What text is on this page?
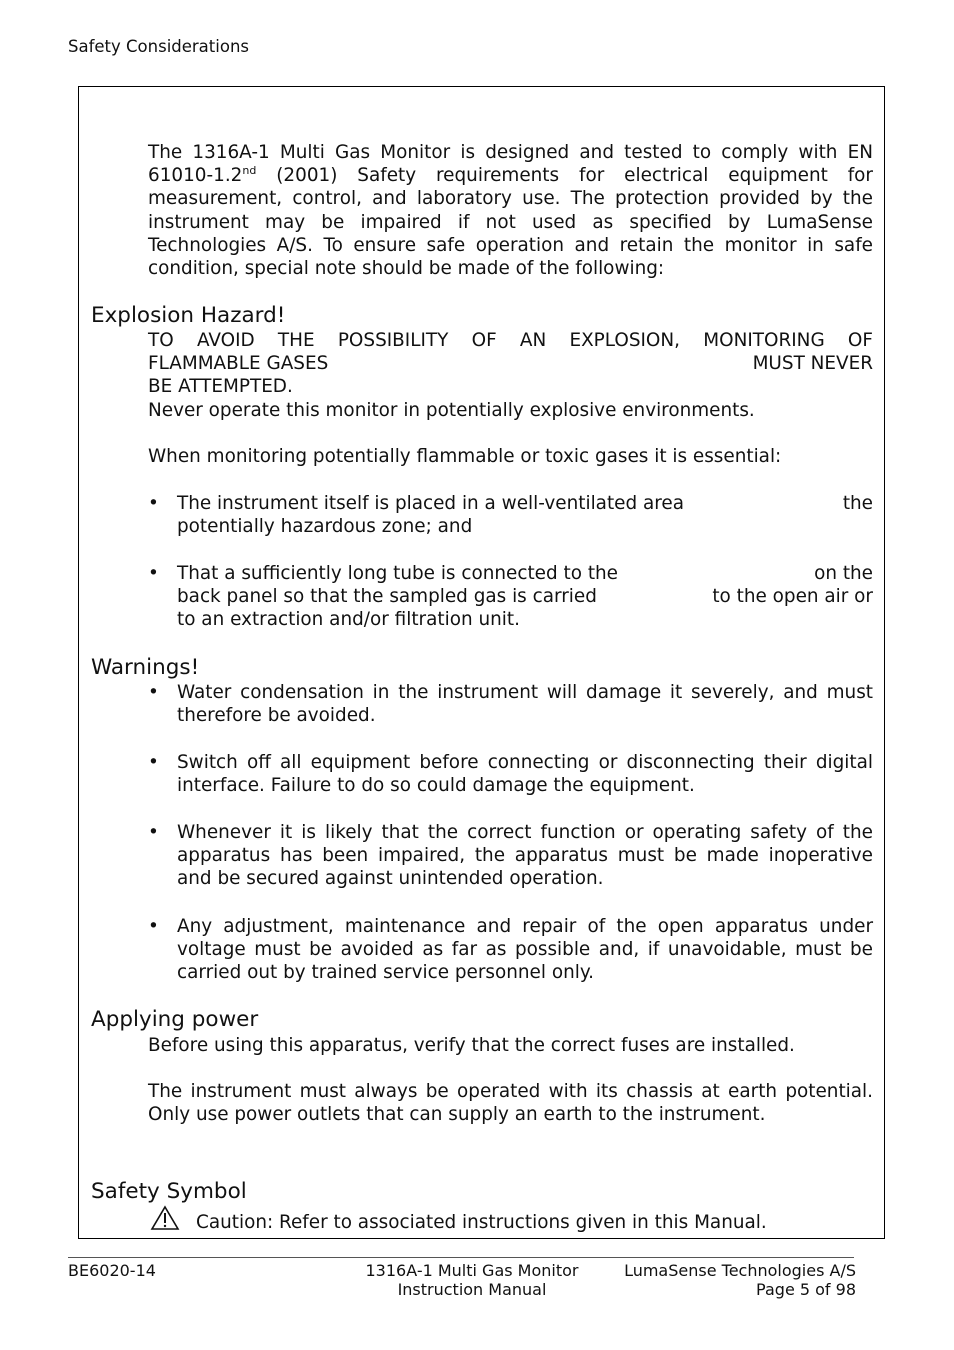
Safety Considerations
The 1316A-1 Multi Gas Monitor is designed and tested to comply with EN
61010-1.2nd (2001) Safety requirements for electrical equipment for
measurement, control, and laboratory use. The protection provided by the instrument may be impaired if not used as specified by LumaSense Technologies A/S. To ensure safe operation and retain the monitor in safe condition, special note should be made of the following:
Explosion Hazard!
TO AVOID THE POSSIBILITY OF AN EXPLOSION, MONITORING OF
FLAMMABLE GASES	MUST NEVER
BE ATTEMPTED.
Never operate this monitor in potentially explosive environments.
When monitoring potentially flammable or toxic gases it is essential:
• The instrument itself is placed in a well-ventilated area	the
potentially hazardous zone; and
• That a sufficiently long tube is connected to the	on the
back panel so that the sampled gas is carried	to the open air or
to an extraction and/or filtration unit.
Warnings!
• Water condensation in the instrument will damage it severely, and must therefore be avoided.
• Switch off all equipment before connecting or disconnecting their digital interface. Failure to do so could damage the equipment.
• Whenever it is likely that the correct function or operating safety of the apparatus has been impaired, the apparatus must be made inoperative and be secured against unintended operation.
• Any adjustment, maintenance and repair of the open apparatus under voltage must be avoided as far as possible and, if unavoidable, must be carried out by trained service personnel only.
Applying power
Before using this apparatus, verify that the correct fuses are installed.
The instrument must always be operated with its chassis at earth potential. Only use power outlets that can supply an earth to the instrument.
Safety Symbol
Caution: Refer to associated instructions given in this Manual.
BE6020-14	1316A-1 Multi Gas Monitor
Instruction Manual
LumaSense Technologies A/S
Page 5 of 98
